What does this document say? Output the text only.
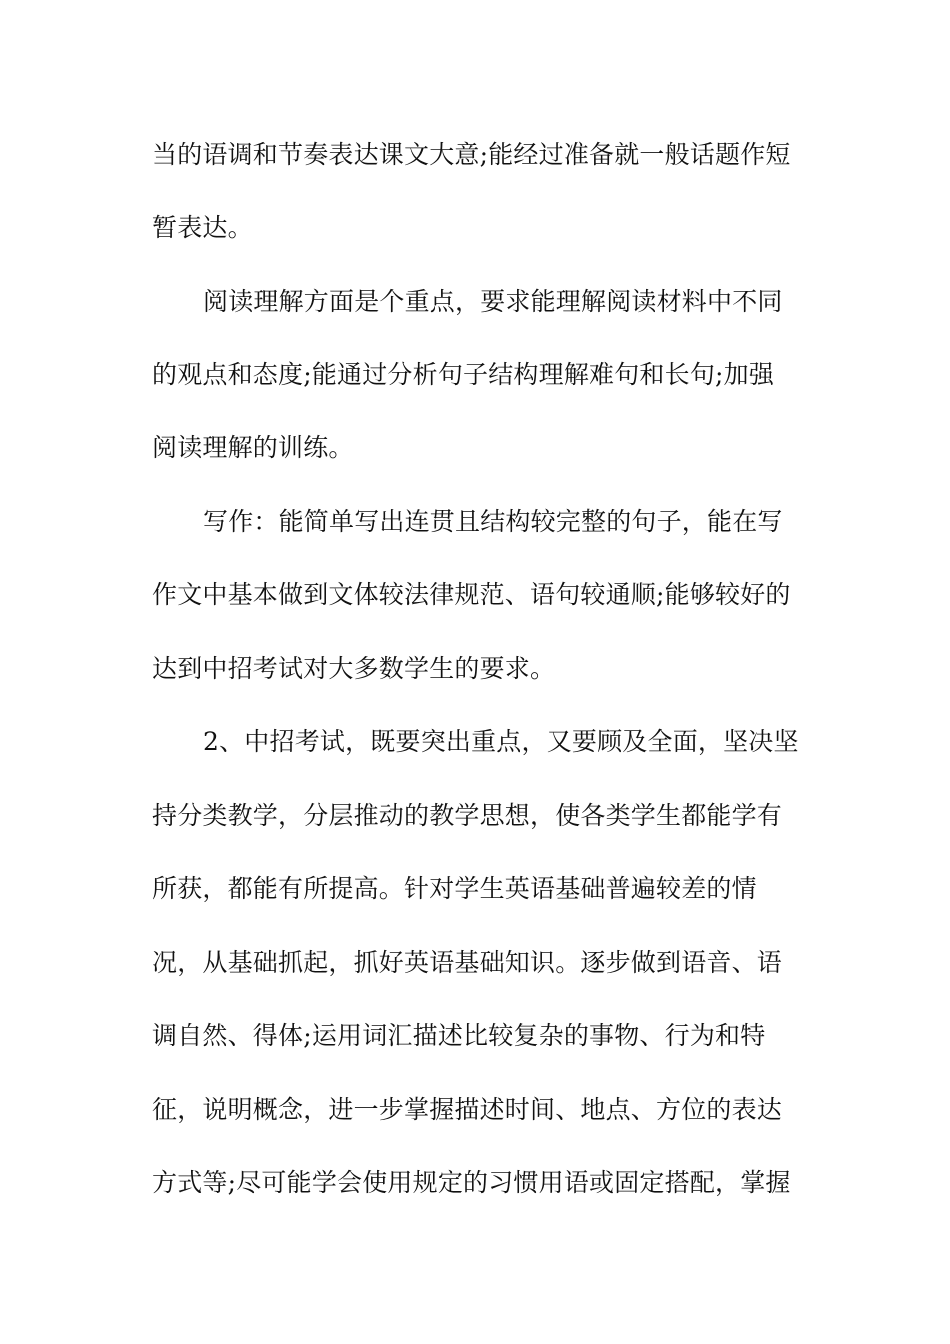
当的语调和节奏表达课文大意;能经过准备就一般话题作短
暂表达。
阅读理解方面是个重点，要求能理解阅读材料中不同
的观点和态度;能通过分析句子结构理解难句和长句;加强
阅读理解的训练。
写作：能简单写出连贯且结构较完整的句子，能在写
作文中基本做到文体较法律规范、语句较通顺;能够较好的
达到中招考试对大多数学生的要求。
2、中招考试，既要突出重点，又要顾及全面，坚决坚
持分类教学，分层推动的教学思想，使各类学生都能学有
所获，都能有所提高。针对学生英语基础普遍较差的情
况，从基础抓起，抓好英语基础知识。逐步做到语音、语
调自然、得体;运用词汇描述比较复杂的事物、行为和特
征，说明概念，进一步掌握描述时间、地点、方位的表达
方式等;尽可能学会使用规定的习惯用语或固定搭配，掌握
